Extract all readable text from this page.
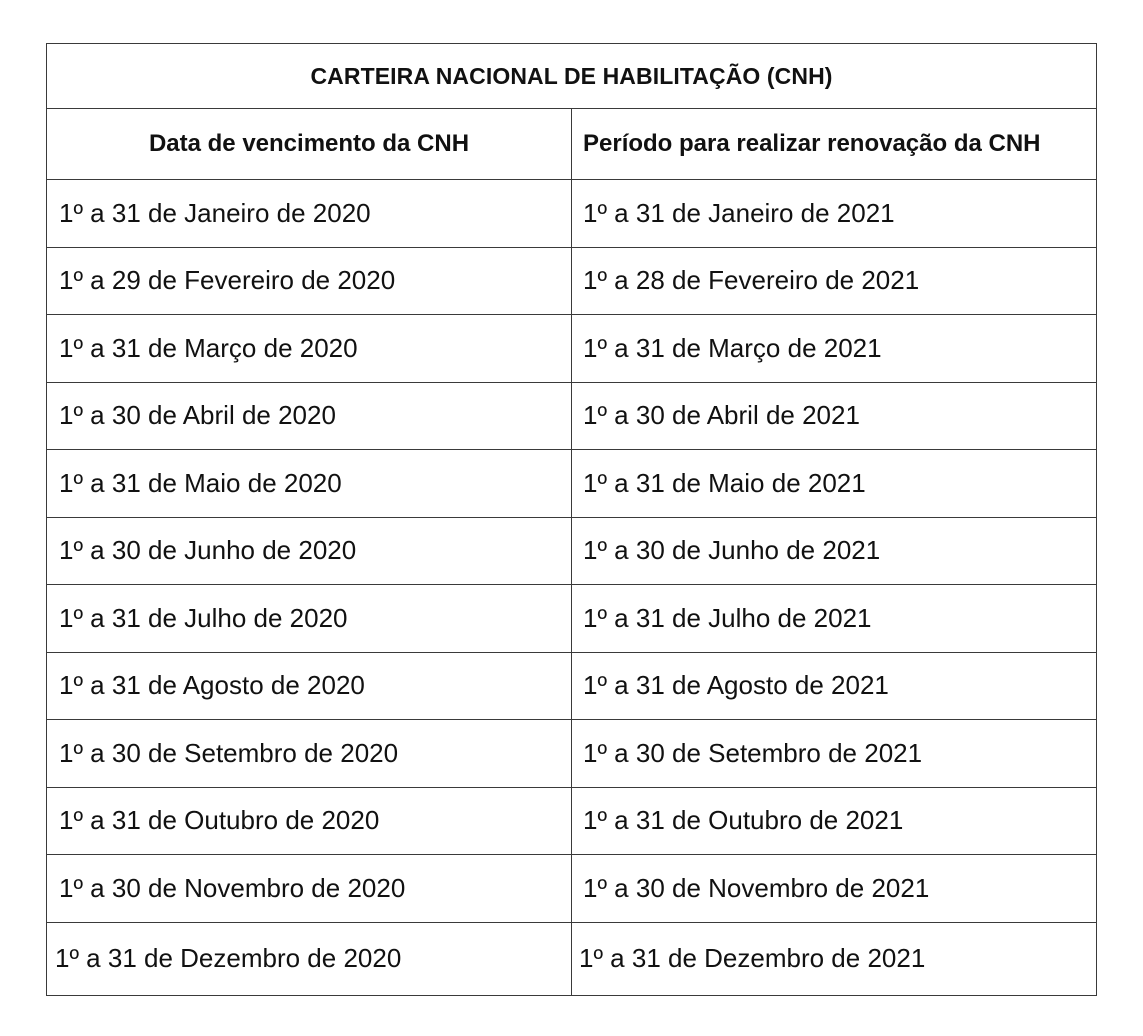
CARTEIRA NACIONAL DE HABILITAÇÃO (CNH)	
Data de vencimento da CNH	Período para realizar renovação da CNH
1º a 31 de Janeiro de 2020	1º a 31 de Janeiro de 2021
1º a 29 de Fevereiro de 2020	1º a 28 de Fevereiro de 2021
1º a 31 de Março de 2020	1º a 31 de Março de 2021
1º a 30 de Abril de 2020	1º a 30 de Abril de 2021
1º a 31 de Maio de 2020	1º a 31 de Maio de 2021
1º a 30 de Junho de 2020	1º a 30 de Junho de 2021
1º a 31 de Julho de 2020	1º a 31 de Julho de 2021
1º a 31 de Agosto de 2020	1º a 31 de Agosto de 2021
1º a 30 de Setembro de 2020	1º a 30 de Setembro de 2021
1º a 31 de Outubro de 2020	1º a 31 de Outubro de 2021
1º a 30 de Novembro de 2020	1º a 30 de Novembro de 2021
1º a 31 de Dezembro de 2020	1º a 31 de Dezembro de 2021
